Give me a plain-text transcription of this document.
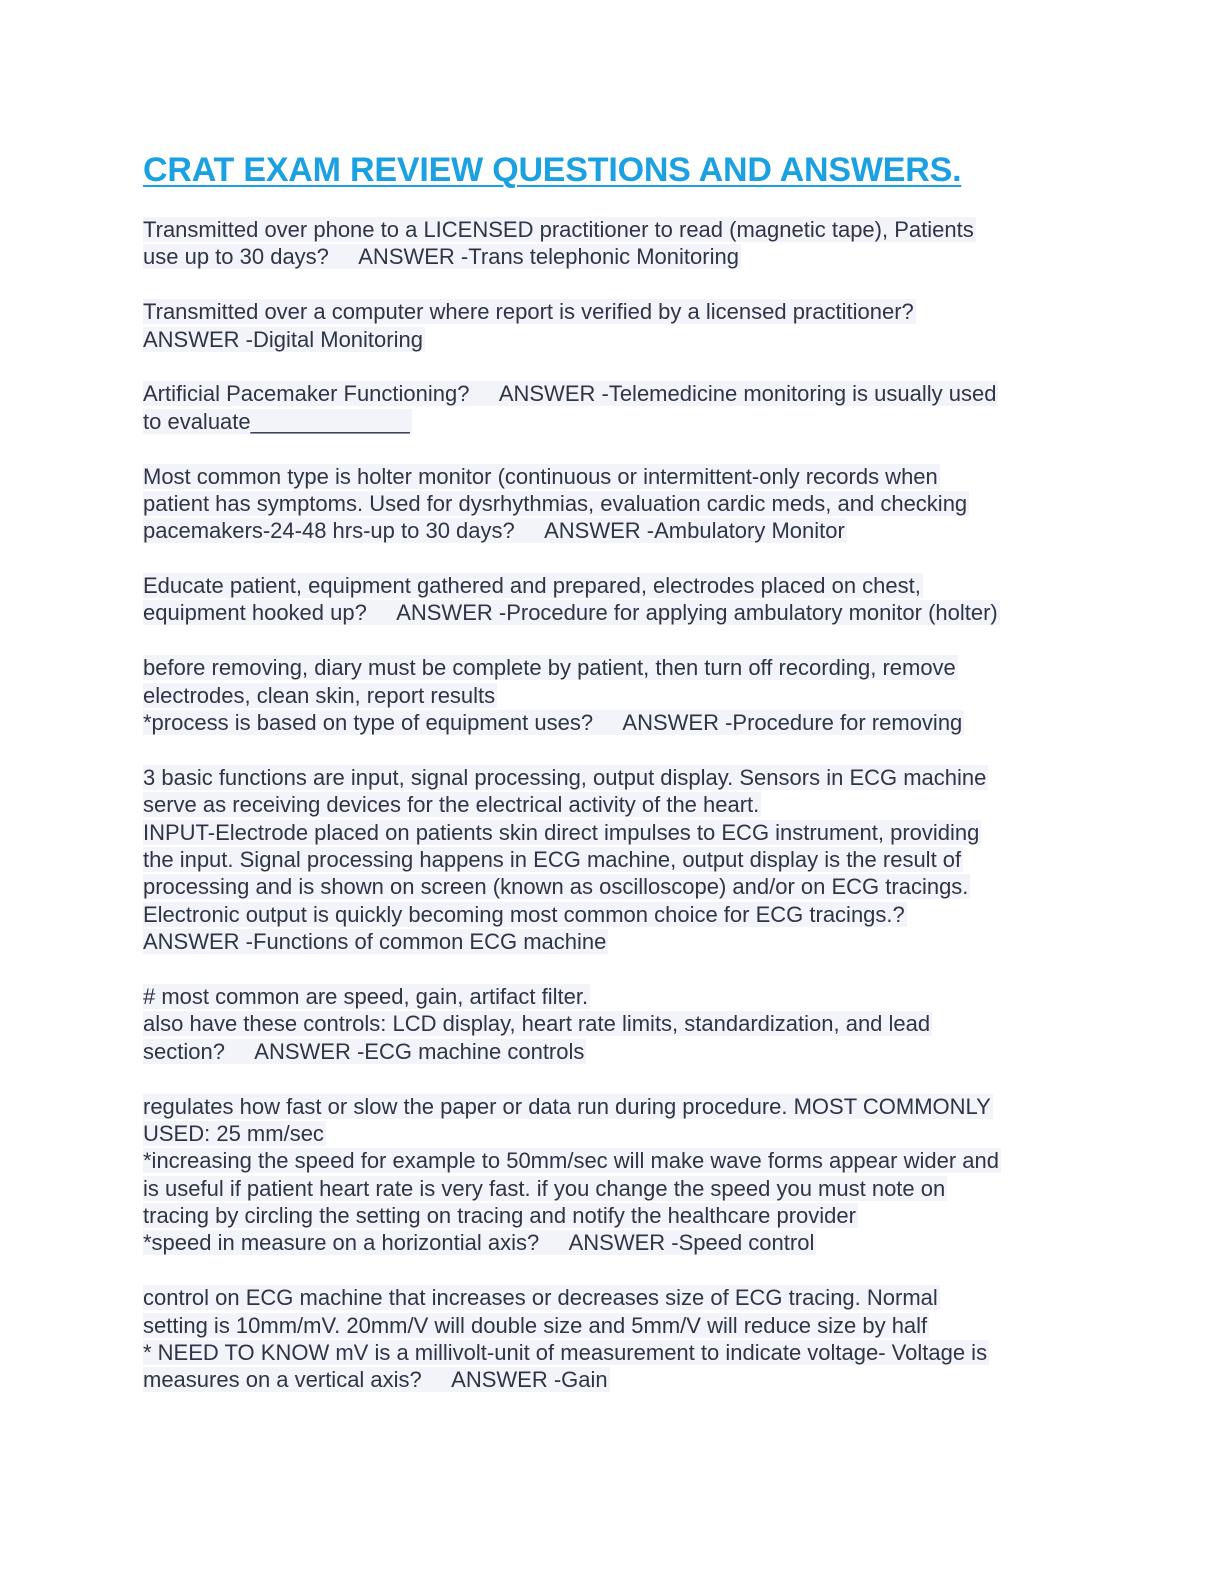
CRAT EXAM REVIEW QUESTIONS AND ANSWERS.
Transmitted over phone to a LICENSED practitioner to read (magnetic tape), Patients
use up to 30 days?     ANSWER -Trans telephonic Monitoring
Transmitted over a computer where report is verified by a licensed practitioner?
ANSWER -Digital Monitoring
Artificial Pacemaker Functioning?     ANSWER -Telemedicine monitoring is usually used
to evaluate_____________
Most common type is holter monitor (continuous or intermittent-only records when
patient has symptoms. Used for dysrhythmias, evaluation cardic meds, and checking
pacemakers-24-48 hrs-up to 30 days?     ANSWER -Ambulatory Monitor
Educate patient, equipment gathered and prepared, electrodes placed on chest,
equipment hooked up?     ANSWER -Procedure for applying ambulatory monitor (holter)
before removing, diary must be complete by patient, then turn off recording, remove
electrodes, clean skin, report results
*process is based on type of equipment uses?     ANSWER -Procedure for removing
3 basic functions are input, signal processing, output display. Sensors in ECG machine
serve as receiving devices for the electrical activity of the heart.
INPUT-Electrode placed on patients skin direct impulses to ECG instrument, providing
the input. Signal processing happens in ECG machine, output display is the result of
processing and is shown on screen (known as oscilloscope) and/or on ECG tracings.
Electronic output is quickly becoming most common choice for ECG tracings.?
ANSWER -Functions of common ECG machine
# most common are speed, gain, artifact filter.
also have these controls: LCD display, heart rate limits, standardization, and lead
section?     ANSWER -ECG machine controls
regulates how fast or slow the paper or data run during procedure. MOST COMMONLY
USED: 25 mm/sec
*increasing the speed for example to 50mm/sec will make wave forms appear wider and
is useful if patient heart rate is very fast. if you change the speed you must note on
tracing by circling the setting on tracing and notify the healthcare provider
*speed in measure on a horizontial axis?     ANSWER -Speed control
control on ECG machine that increases or decreases size of ECG tracing. Normal
setting is 10mm/mV. 20mm/V will double size and 5mm/V will reduce size by half
* NEED TO KNOW mV is a millivolt-unit of measurement to indicate voltage- Voltage is
measures on a vertical axis?     ANSWER -Gain
